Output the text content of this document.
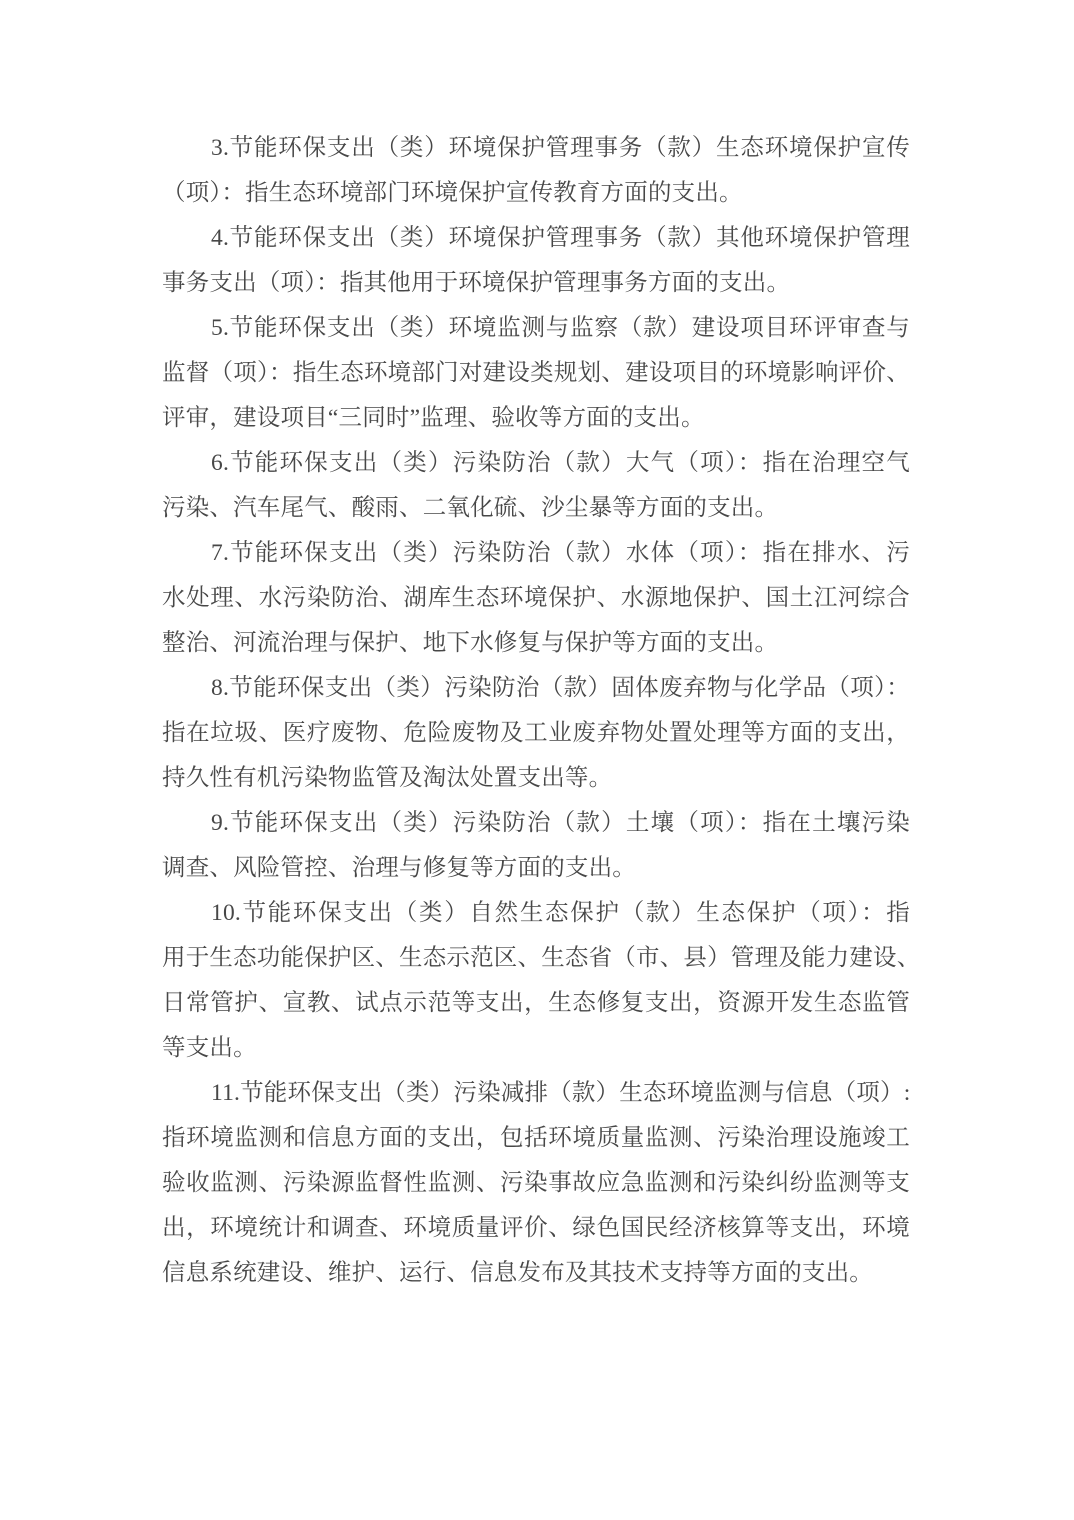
3.节能环保支出（类）环境保护管理事务（款）生态环境保护宣传
（项）：指生态环境部门环境保护宣传教育方面的支出。
4.节能环保支出（类）环境保护管理事务（款）其他环境保护管理
事务支出（项）：指其他用于环境保护管理事务方面的支出。
5.节能环保支出（类）环境监测与监察（款）建设项目环评审查与
监督（项）：指生态环境部门对建设类规划、建设项目的环境影响评价、
评审，建设项目“三同时”监理、验收等方面的支出。
6.节能环保支出（类）污染防治（款）大气（项）：指在治理空气
污染、汽车尾气、酸雨、二氧化硫、沙尘暴等方面的支出。
7.节能环保支出（类）污染防治（款）水体（项）：指在排水、污
水处理、水污染防治、湖库生态环境保护、水源地保护、国土江河综合
整治、河流治理与保护、地下水修复与保护等方面的支出。
8.节能环保支出（类）污染防治（款）固体废弃物与化学品（项）：
指在垃圾、医疗废物、危险废物及工业废弃物处置处理等方面的支出，
持久性有机污染物监管及淘汰处置支出等。
9.节能环保支出（类）污染防治（款）土壤（项）：指在土壤污染
调查、风险管控、治理与修复等方面的支出。
10.节能环保支出（类）自然生态保护（款）生态保护（项）：指
用于生态功能保护区、生态示范区、生态省（市、县）管理及能力建设、
日常管护、宣教、试点示范等支出，生态修复支出，资源开发生态监管
等支出。
11.节能环保支出（类）污染减排（款）生态环境监测与信息（项）:
指环境监测和信息方面的支出，包括环境质量监测、污染治理设施竣工
验收监测、污染源监督性监测、污染事故应急监测和污染纠纷监测等支
出，环境统计和调查、环境质量评价、绿色国民经济核算等支出，环境
信息系统建设、维护、运行、信息发布及其技术支持等方面的支出。
